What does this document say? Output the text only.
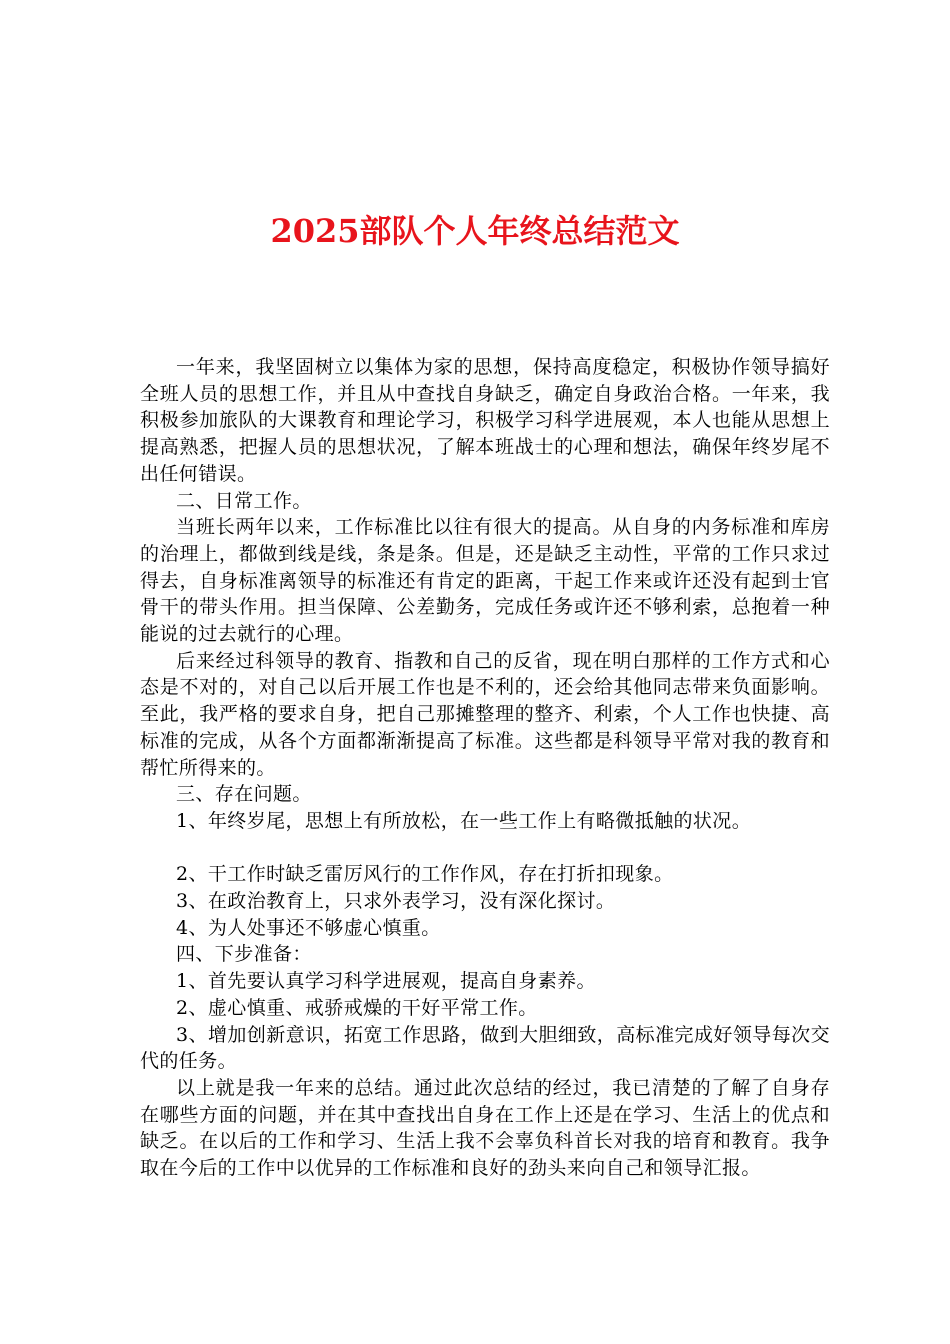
2025部队个人年终总结范文

一年来，我坚固树立以集体为家的思想，保持高度稳定，积极协作领导搞好全班人员的思想工作，并且从中查找自身缺乏，确定自身政治合格。一年来，我积极参加旅队的大课教育和理论学习，积极学习科学进展观，本人也能从思想上提高熟悉，把握人员的思想状况，了解本班战士的心理和想法，确保年终岁尾不出任何错误。

二、日常工作。

当班长两年以来，工作标准比以往有很大的提高。从自身的内务标准和库房的治理上，都做到线是线，条是条。但是，还是缺乏主动性，平常的工作只求过得去，自身标准离领导的标准还有肯定的距离，干起工作来或许还没有起到士官骨干的带头作用。担当保障、公差勤务，完成任务或许还不够利索，总抱着一种能说的过去就行的心理。

后来经过科领导的教育、指教和自己的反省，现在明白那样的工作方式和心态是不对的，对自己以后开展工作也是不利的，还会给其他同志带来负面影响。至此，我严格的要求自身，把自己那摊整理的整齐、利索，个人工作也快捷、高标准的完成，从各个方面都渐渐提高了标准。这些都是科领导平常对我的教育和帮忙所得来的。

三、存在问题。

1、年终岁尾，思想上有所放松，在一些工作上有略微抵触的状况。

2、干工作时缺乏雷厉风行的工作作风，存在打折扣现象。

3、在政治教育上，只求外表学习，没有深化探讨。

4、为人处事还不够虚心慎重。

四、下步准备：

1、首先要认真学习科学进展观，提高自身素养。

2、虚心慎重、戒骄戒燥的干好平常工作。

3、增加创新意识，拓宽工作思路，做到大胆细致，高标准完成好领导每次交代的任务。

以上就是我一年来的总结。通过此次总结的经过，我已清楚的了解了自身存在哪些方面的问题，并在其中查找出自身在工作上还是在学习、生活上的优点和缺乏。在以后的工作和学习、生活上我不会辜负科首长对我的培育和教育。我争取在今后的工作中以优异的工作标准和良好的劲头来向自己和领导汇报。
